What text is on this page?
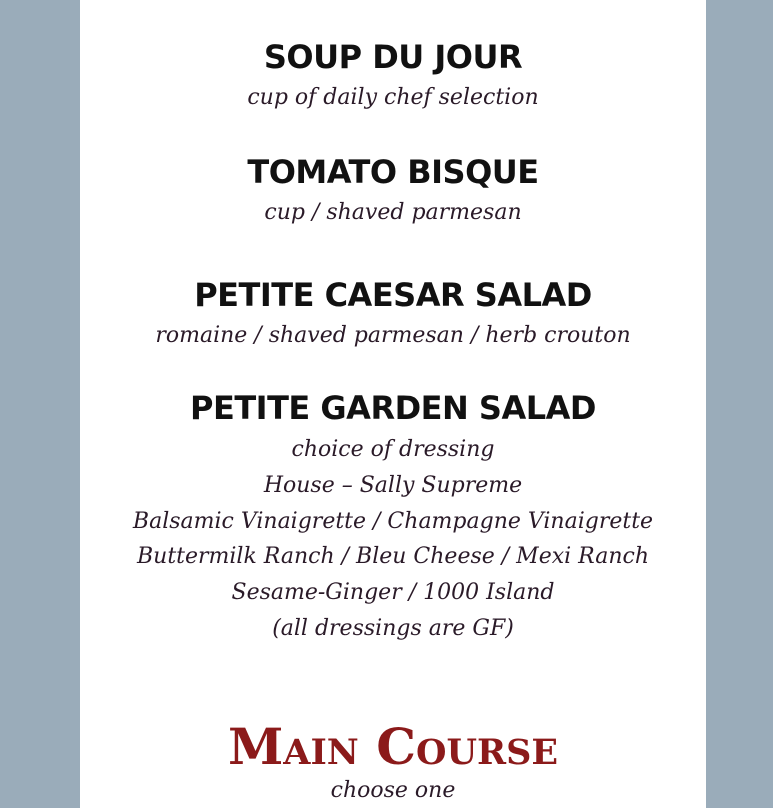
SOUP DU JOUR
cup of daily chef selection
TOMATO BISQUE
cup / shaved parmesan
PETITE CAESAR SALAD
romaine / shaved parmesan / herb crouton
PETITE GARDEN SALAD
choice of dressing
House – Sally Supreme
Balsamic Vinaigrette / Champagne Vinaigrette
Buttermilk Ranch / Bleu Cheese / Mexi Ranch
Sesame-Ginger / 1000 Island
(all dressings are GF)
Main Course
choose one
